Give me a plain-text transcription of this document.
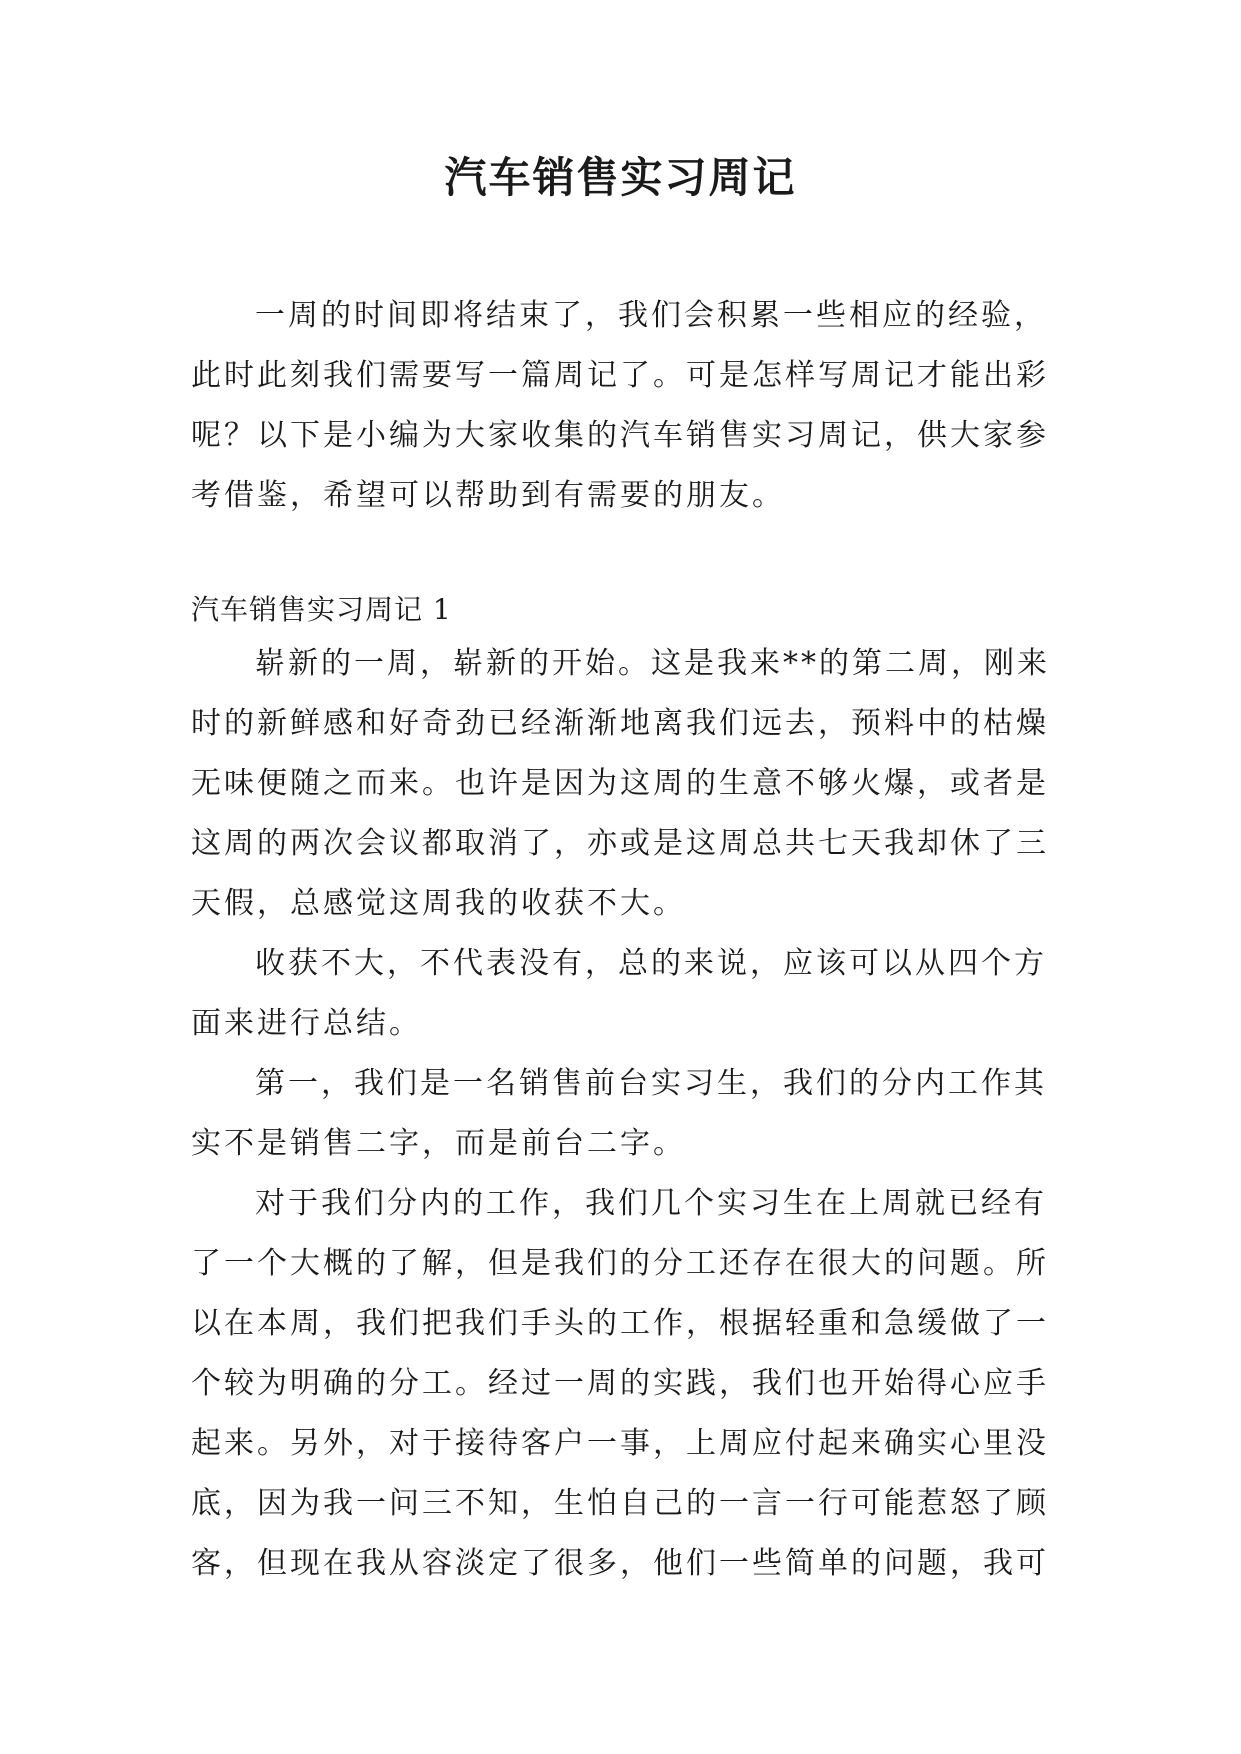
汽车销售实习周记

一周的时间即将结束了，我们会积累一些相应的经验，此时此刻我们需要写一篇周记了。可是怎样写周记才能出彩呢？以下是小编为大家收集的汽车销售实习周记，供大家参考借鉴，希望可以帮助到有需要的朋友。

汽车销售实习周记 1

崭新的一周，崭新的开始。这是我来**的第二周，刚来时的新鲜感和好奇劲已经渐渐地离我们远去，预料中的枯燥无味便随之而来。也许是因为这周的生意不够火爆，或者是这周的两次会议都取消了，亦或是这周总共七天我却休了三天假，总感觉这周我的收获不大。

收获不大，不代表没有，总的来说，应该可以从四个方面来进行总结。

第一，我们是一名销售前台实习生，我们的分内工作其实不是销售二字，而是前台二字。

对于我们分内的工作，我们几个实习生在上周就已经有了一个大概的了解，但是我们的分工还存在很大的问题。所以在本周，我们把我们手头的工作，根据轻重和急缓做了一个较为明确的分工。经过一周的实践，我们也开始得心应手起来。另外，对于接待客户一事，上周应付起来确实心里没底，因为我一问三不知，生怕自己的一言一行可能惹怒了顾客，但现在我从容淡定了很多，他们一些简单的问题，我可
